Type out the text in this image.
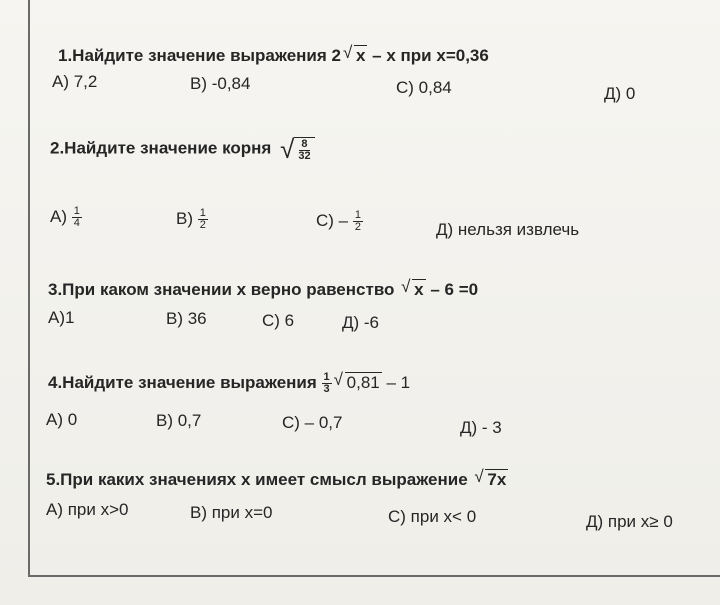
1.Найдите значение выражения 2 √ x – х при х=0,36
А) 7,2	В) -0,84	С) 0,84	Д) 0
2.Найдите значение корня √ $\frac{8}{32}$
$А) \frac{1}{4}$	$В) \frac{1}{2}$	$С) - \frac{1}{2}$	Д) нельзя извлечь
3.При каком значении х верно равенство √ x – 6 =0
А)1	В) 36	С) 6	Д) -6
4.Найдите значение выражения $\frac{1}{3}$ √ 0,81 – 1
А) 0	В) 0,7	С) – 0,7	Д) - 3
5.При каких значениях х имеет смысл выражение √ 7x
А) при х>0	В) при х=0	С) при х< 0	Д) при х≥ 0
